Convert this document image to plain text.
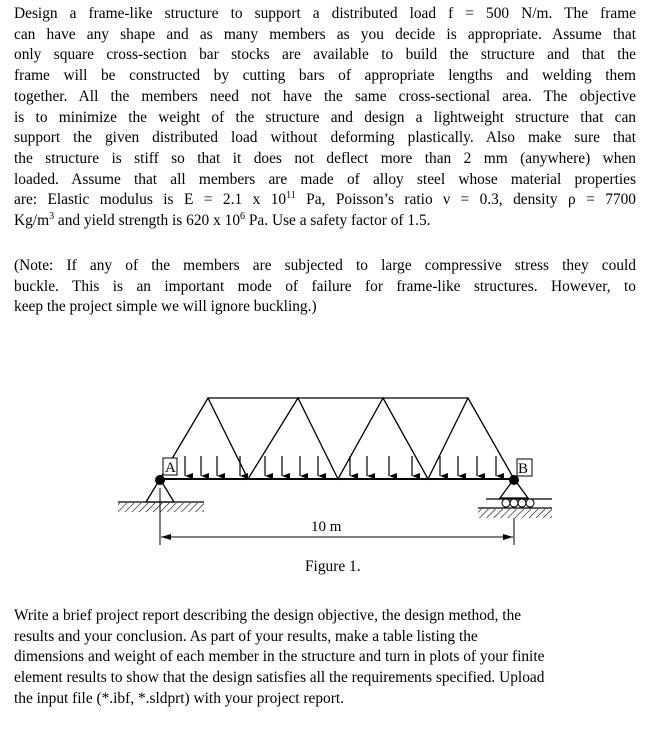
Design a frame-like structure to support a distributed load f = 500 N/m. The frame
can have any shape and as many members as you decide is appropriate. Assume that
only square cross-section bar stocks are available to build the structure and that the
frame will be constructed by cutting bars of appropriate lengths and welding them
together. All the members need not have the same cross-sectional area. The objective
is to minimize the weight of the structure and design a lightweight structure that can
support the given distributed load without deforming plastically. Also make sure that
the structure is stiff so that it does not deflect more than 2 mm (anywhere) when
loaded. Assume that all members are made of alloy steel whose material properties
are: Elastic modulus is E = 2.1 x $10^{11}$ Pa, Poisson’s ratio ν = 0.3, density ρ = 7700
$Kg/m^3$ and yield strength is 620 x $10^6$ Pa. Use a safety factor of 1.5.
(Note: If any of the members are subjected to large compressive stress they could
buckle. This is an important mode of failure for frame-like structures. However, to
keep the project simple we will ignore buckling.)
A	B
10 m
Figure 1.
Write a brief project report describing the design objective, the design method, the
results and your conclusion. As part of your results, make a table listing the
dimensions and weight of each member in the structure and turn in plots of your finite
element results to show that the design satisfies all the requirements specified. Upload
the input file (*.ibf, *.sldprt) with your project report.
